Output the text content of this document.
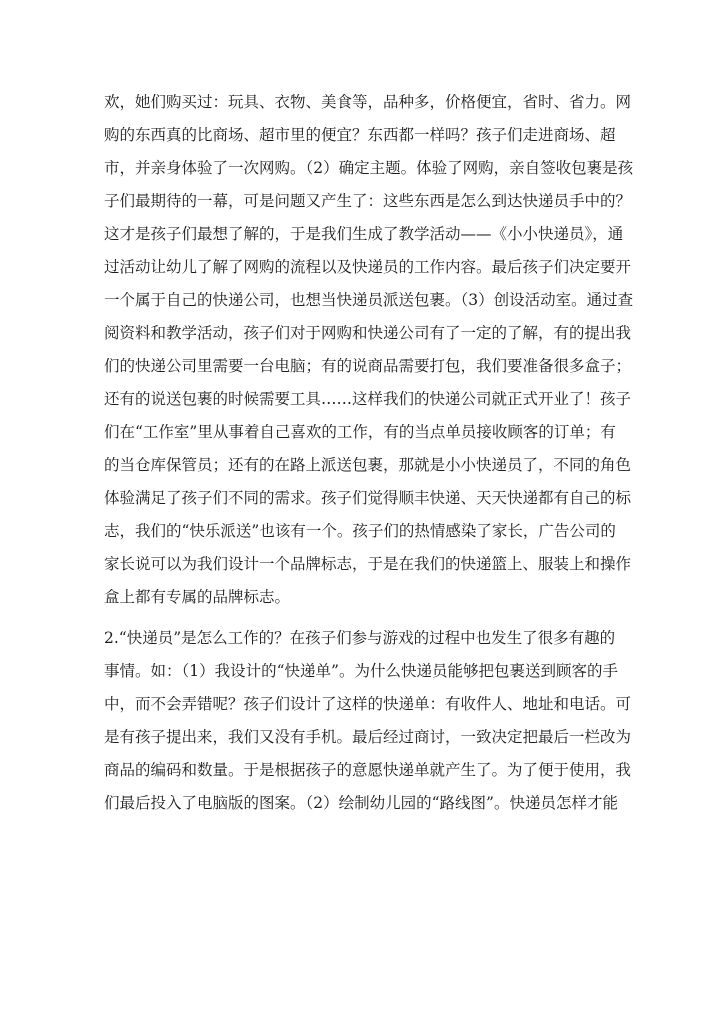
欢，她们购买过：玩具、衣物、美食等，品种多，价格便宜，省时、省力。网
购的东西真的比商场、超市里的便宜？东西都一样吗？孩子们走进商场、超
市，并亲身体验了一次网购。（2）确定主题。体验了网购，亲自签收包裹是孩
子们最期待的一幕，可是问题又产生了：这些东西是怎么到达快递员手中的？
这才是孩子们最想了解的，于是我们生成了教学活动——《小小快递员》，通
过活动让幼儿了解了网购的流程以及快递员的工作内容。最后孩子们决定要开
一个属于自己的快递公司，也想当快递员派送包裹。（3）创设活动室。通过查
阅资料和教学活动，孩子们对于网购和快递公司有了一定的了解，有的提出我
们的快递公司里需要一台电脑；有的说商品需要打包，我们要准备很多盒子；
还有的说送包裹的时候需要工具……这样我们的快递公司就正式开业了！孩子
们在“工作室”里从事着自己喜欢的工作，有的当点单员接收顾客的订单；有
的当仓库保管员；还有的在路上派送包裹，那就是小小快递员了，不同的角色
体验满足了孩子们不同的需求。孩子们觉得顺丰快递、天天快递都有自己的标
志，我们的“快乐派送”也该有一个。孩子们的热情感染了家长，广告公司的
家长说可以为我们设计一个品牌标志，于是在我们的快递篮上、服装上和操作
盒上都有专属的品牌标志。
2.“快递员”是怎么工作的？在孩子们参与游戏的过程中也发生了很多有趣的
事情。如：（1）我设计的“快递单”。为什么快递员能够把包裹送到顾客的手
中，而不会弄错呢？孩子们设计了这样的快递单：有收件人、地址和电话。可
是有孩子提出来，我们又没有手机。最后经过商讨，一致决定把最后一栏改为
商品的编码和数量。于是根据孩子的意愿快递单就产生了。为了便于使用，我
们最后投入了电脑版的图案。（2）绘制幼儿园的“路线图”。快递员怎样才能
